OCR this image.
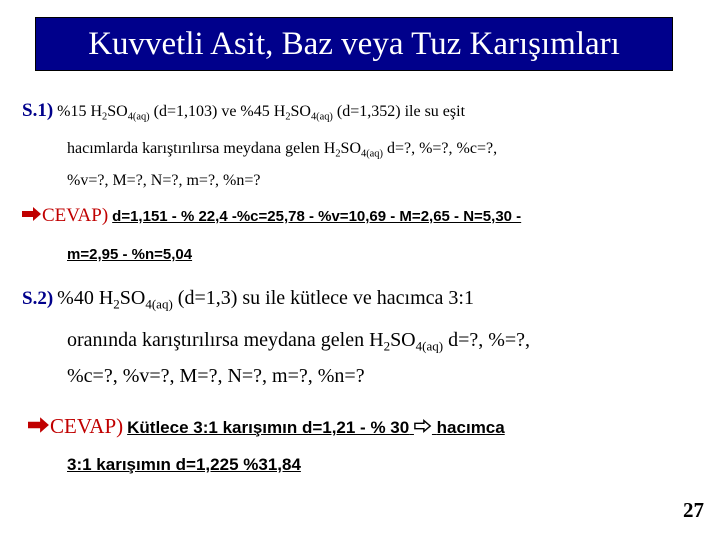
Kuvvetli Asit, Baz veya Tuz Karışımları
S.1) %15 $H_2SO_{4(aq)}$ (d=1,103) ve %45 $H_2SO_{4(aq)}$ (d=1,352) ile su eşit
hacımlarda karıştırılırsa meydana gelen $H_2SO_{4(aq)}$ d=?, %=?, %c=?,
%v=?, M=?, N=?, m=?, %n=?
CEVAP) d=1,151 - % 22,4 -%c=25,78 - %v=10,69 - M=2,65 - N=5,30 -
m=2,95 - %n=5,04
S.2) %40 $H_2SO_{4(aq)}$ (d=1,3) su ile kütlece ve hacımca 3:1
oranında karıştırılırsa meydana gelen $H_2SO_{4(aq)}$ d=?, %=?,
%c=?, %v=?, M=?, N=?, m=?, %n=?
CEVAP) Kütlece 3:1 karışımın d=1,21 - % 30 hacımca
3:1 karışımın d=1,225 %31,84
27
